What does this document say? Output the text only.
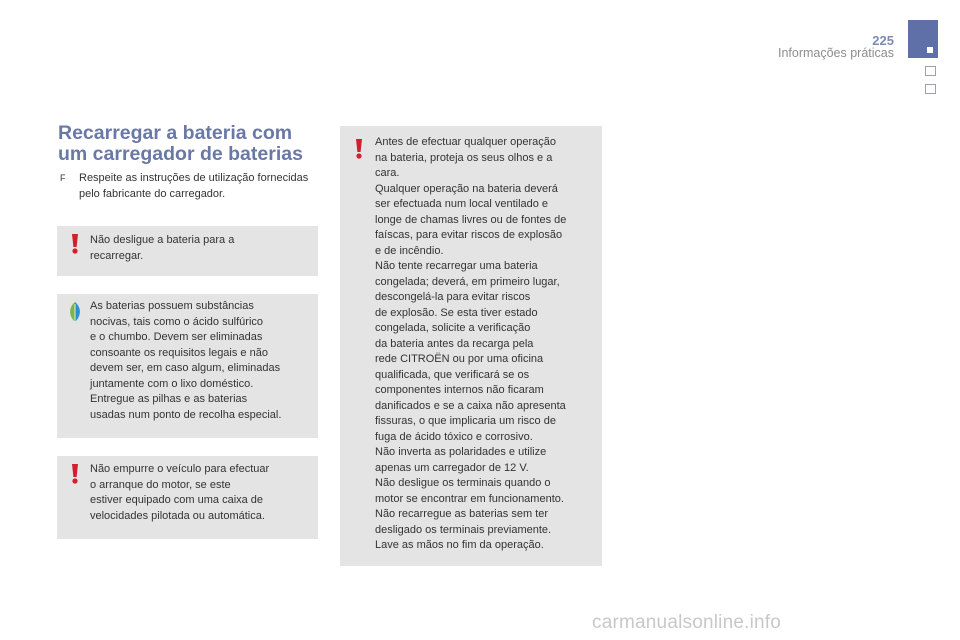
225
Informações práticas
Recarregar a bateria com
um carregador de baterias
F	Respeite as instruções de utilização fornecidas pelo fabricante do carregador.
Não desligue a bateria para a
recarregar.
As baterias possuem substâncias
nocivas, tais como o ácido sulfúrico
e o chumbo. Devem ser eliminadas
consoante os requisitos legais e não
devem ser, em caso algum, eliminadas
juntamente com o lixo doméstico.
Entregue as pilhas e as baterias
usadas num ponto de recolha especial.
Não empurre o veículo para efectuar
o arranque do motor, se este
estiver equipado com uma caixa de
velocidades pilotada ou automática.
Antes de efectuar qualquer operação
na bateria, proteja os seus olhos e a
cara.
Qualquer operação na bateria deverá
ser efectuada num local ventilado e
longe de chamas livres ou de fontes de
faíscas, para evitar riscos de explosão
e de incêndio.
Não tente recarregar uma bateria
congelada; deverá, em primeiro lugar,
descongelá-la para evitar riscos
de explosão. Se esta tiver estado
congelada, solicite a verificação
da bateria antes da recarga pela
rede CITROËN ou por uma oficina
qualificada, que verificará se os
componentes internos não ficaram
danificados e se a caixa não apresenta
fissuras, o que implicaria um risco de
fuga de ácido tóxico e corrosivo.
Não inverta as polaridades e utilize
apenas um carregador de 12 V.
Não desligue os terminais quando o
motor se encontrar em funcionamento.
Não recarregue as baterias sem ter
desligado os terminais previamente.
Lave as mãos no fim da operação.
carmanualsonline.info
